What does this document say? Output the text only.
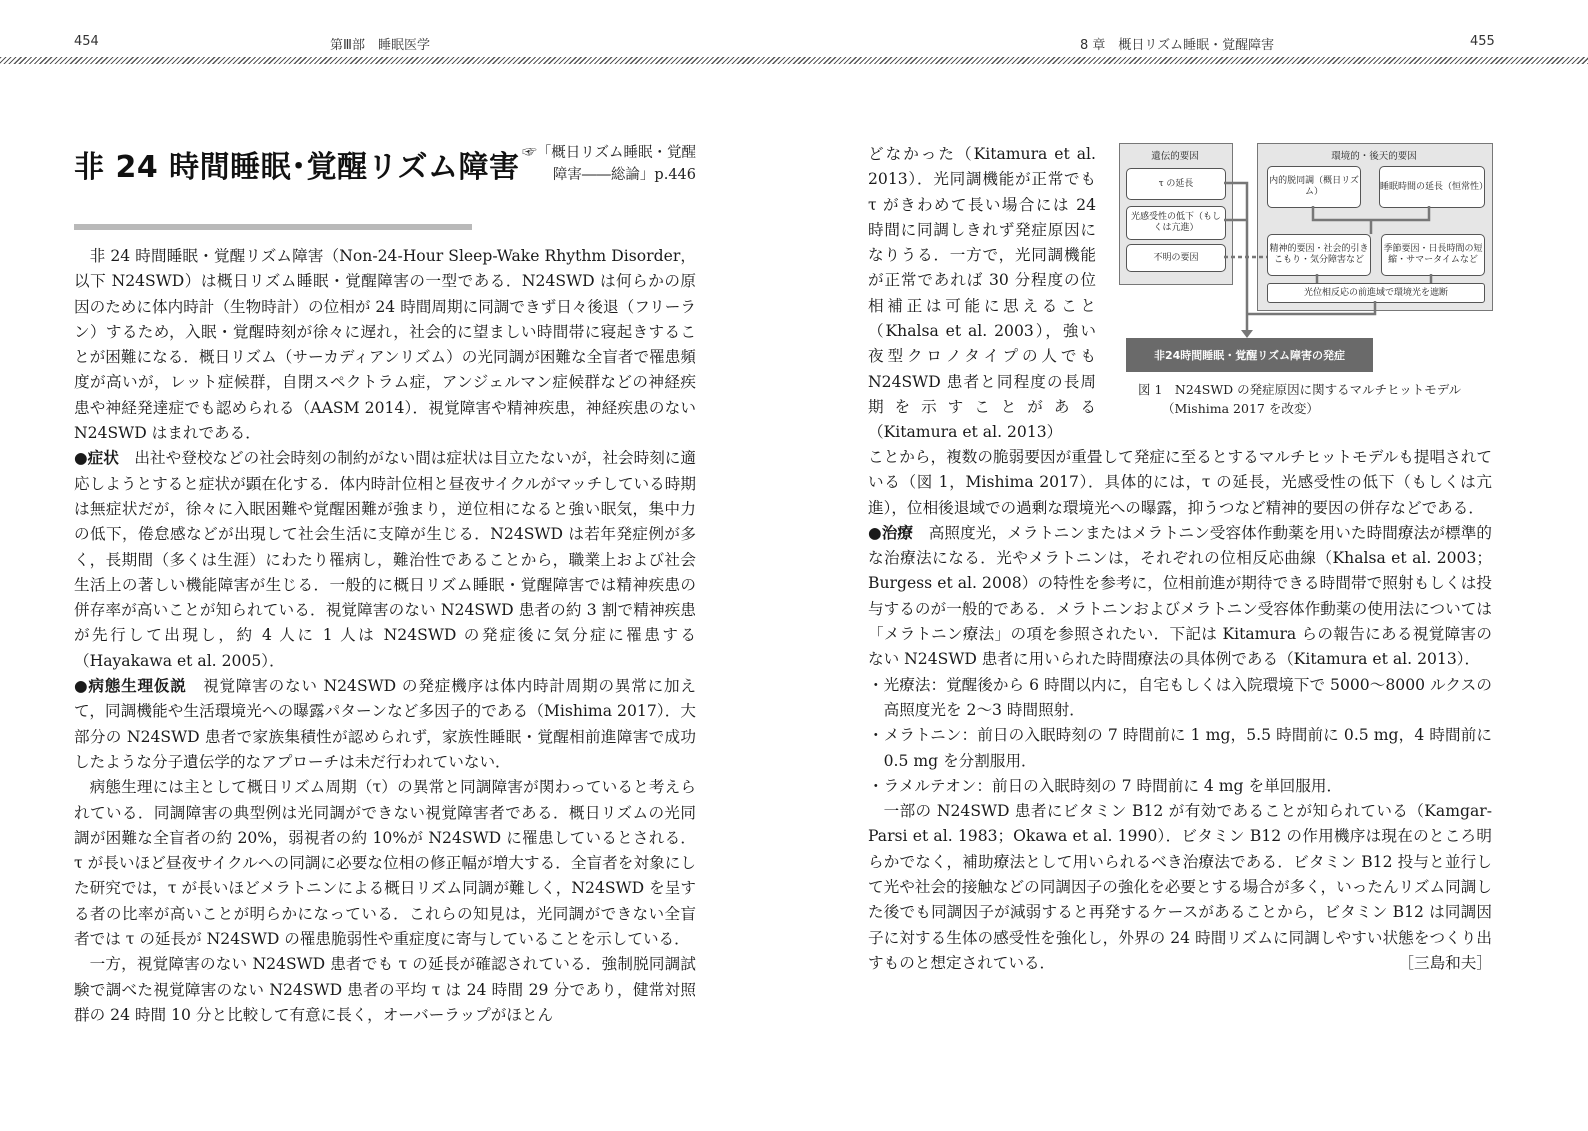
454	第Ⅲ部　睡眠医学	8 章　概日リズム睡眠・覚醒障害	455
非 24 時間睡眠･覚醒リズム障害 ☞「概日リズム睡眠・覚醒障害――総論」p.446

非 24 時間睡眠・覚醒リズム障害（Non-24-Hour Sleep-Wake Rhythm Disorder，以下 N24SWD）は概日リズム睡眠・覚醒障害の一型である．N24SWD は何らかの原因のために体内時計（生物時計）の位相が 24 時間周期に同調できず日々後退（フリーラン）するため，入眠・覚醒時刻が徐々に遅れ，社会的に望ましい時間帯に寝起きすることが困難になる．概日リズム（サーカディアンリズム）の光同調が困難な全盲者で罹患頻度が高いが，レット症候群，自閉スペクトラム症，アンジェルマン症候群などの神経疾患や神経発達症でも認められる（AASM 2014）．視覚障害や精神疾患，神経疾患のない N24SWD はまれである．

●症状　 出社や登校などの社会時刻の制約がない間は症状は目立たないが，社会時刻に適応しようとすると症状が顕在化する．体内時計位相と昼夜サイクルがマッチしている時期は無症状だが，徐々に入眠困難や覚醒困難が強まり，逆位相になると強い眠気，集中力の低下，倦怠感などが出現して社会生活に支障が生じる．N24SWD は若年発症例が多く，長期間（多くは生涯）にわたり罹病し，難治性であることから，職業上および社会生活上の著しい機能障害が生じる．一般的に概日リズム睡眠・覚醒障害では精神疾患の併存率が高いことが知られている．視覚障害のない N24SWD 患者の約 3 割で精神疾患が先行して出現し，約 4 人に 1 人は N24SWD の発症後に気分症に罹患する（Hayakawa et al. 2005）．

●病態生理仮説　 視覚障害のない N24SWD の発症機序は体内時計周期の異常に加えて，同調機能や生活環境光への曝露パターンなど多因子的である（Mishima 2017）．大部分の N24SWD 患者で家族集積性が認められず，家族性睡眠・覚醒相前進障害で成功したような分子遺伝学的なアプローチは未だ行われていない．

病態生理には主として概日リズム周期（τ）の異常と同調障害が関わっていると考えられている．同調障害の典型例は光同調ができない視覚障害者である．概日リズムの光同調が困難な全盲者の約 20%，弱視者の約 10%が N24SWD に罹患しているとされる．τ が長いほど昼夜サイクルへの同調に必要な位相の修正幅が増大する．全盲者を対象にした研究では，τ が長いほどメラトニンによる概日リズム同調が難しく，N24SWD を呈する者の比率が高いことが明らかになっている．これらの知見は，光同調ができない全盲者では τ の延長が N24SWD の罹患脆弱性や重症度に寄与していることを示している．

一方，視覚障害のない N24SWD 患者でも τ の延長が確認されている．強制脱同調試験で調べた視覚障害のない N24SWD 患者の平均 τ は 24 時間 29 分であり，健常対照群の 24 時間 10 分と比較して有意に長く，オーバーラップがほとん

どなかった（Kitamura et al. 2013）．光同調機能が正常でも τ がきわめて長い場合には 24 時間に同調しきれず発症原因になりうる．一方で，光同調機能が正常であれば 30 分程度の位相補正は可能に思えること（Khalsa et al. 2003），強い夜型クロノタイプの人でも N24SWD 患者と同程度の長周期を示すことがある（Kitamura et al. 2013）

遺伝的要因	環境的・後天的要因
τ の延長
光感受性の低下（もしくは亢進）
不明の要因
内的脱同調（概日リズム）
睡眠時間の延長（恒常性）
精神的要因・社会的引きこもり・気分障害など
季節要因・日長時間の短縮・サマータイムなど
光位相反応の前進域で環境光を遮断
非24時間睡眠・覚醒リズム障害の発症
図 1　N24SWD の発症原因に関するマルチヒットモデル
（Mishima 2017 を改変）

ことから，複数の脆弱要因が重畳して発症に至るとするマルチヒットモデルも提唱されている（図 1，Mishima 2017）．具体的には，τ の延長，光感受性の低下（もしくは亢進），位相後退域での過剰な環境光への曝露，抑うつなど精神的要因の併存などである．

●治療　 高照度光，メラトニンまたはメラトニン受容体作動薬を用いた時間療法が標準的な治療法になる．光やメラトニンは，それぞれの位相反応曲線（Khalsa et al. 2003；Burgess et al. 2008）の特性を参考に，位相前進が期待できる時間帯で照射もしくは投与するのが一般的である．メラトニンおよびメラトニン受容体作動薬の使用法については「メラトニン療法」の項を参照されたい．下記は Kitamura らの報告にある視覚障害のない N24SWD 患者に用いられた時間療法の具体例である（Kitamura et al. 2013）．

・光療法：覚醒後から 6 時間以内に，自宅もしくは入院環境下で 5000〜8000 ルクスの高照度光を 2〜3 時間照射．

・メラトニン：前日の入眠時刻の 7 時間前に 1 mg，5.5 時間前に 0.5 mg，4 時間前に 0.5 mg を分割服用．

・ラメルテオン：前日の入眠時刻の 7 時間前に 4 mg を単回服用．

一部の N24SWD 患者にビタミン B12 が有効であることが知られている（Kamgar-Parsi et al. 1983；Okawa et al. 1990）．ビタミン B12 の作用機序は現在のところ明らかでなく，補助療法として用いられるべき治療法である．ビタミン B12 投与と並行して光や社会的接触などの同調因子の強化を必要とする場合が多く，いったんリズム同調した後でも同調因子が減弱すると再発するケースがあることから，ビタミン B12 は同調因子に対する生体の感受性を強化し，外界の 24 時間リズムに同調しやすい状態をつくり出すものと想定されている．	［三島和夫］
